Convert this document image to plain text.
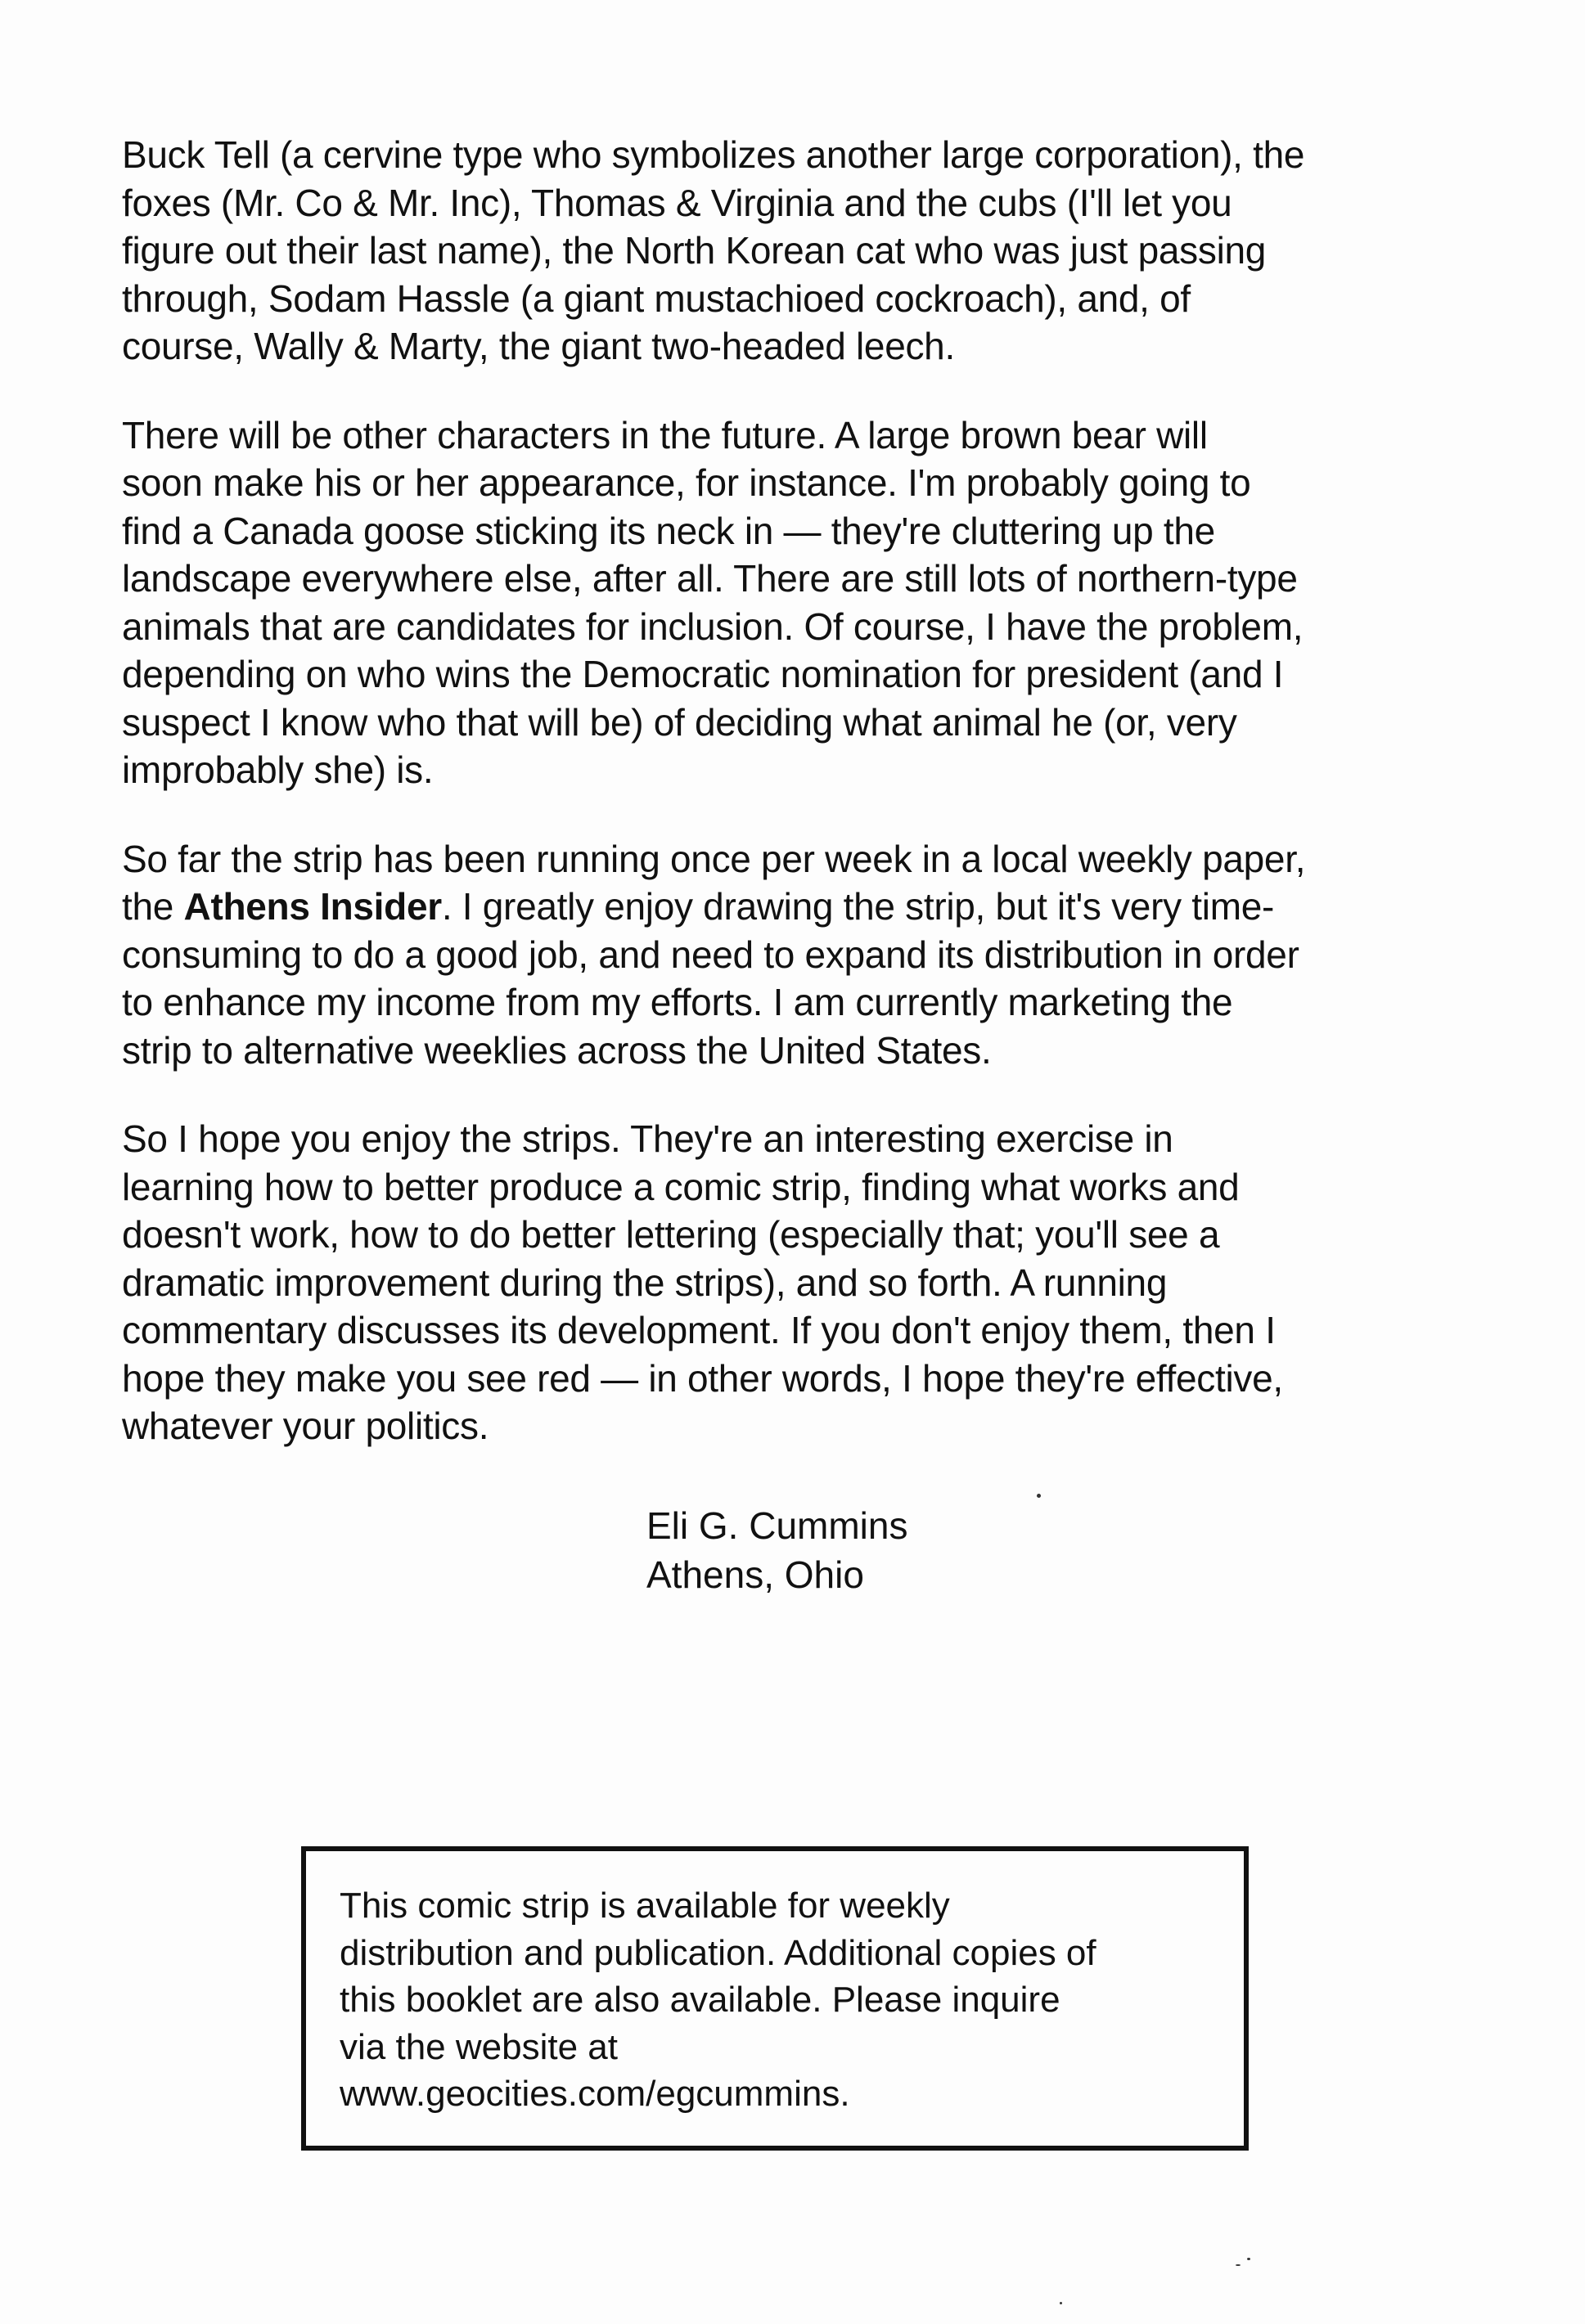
Buck Tell (a cervine type who symbolizes another large corporation), the
foxes (Mr. Co & Mr. Inc), Thomas & Virginia and the cubs (I'll let you
figure out their last name), the North Korean cat who was just passing
through, Sodam Hassle (a giant mustachioed cockroach), and, of
course, Wally & Marty, the giant two-headed leech.

There will be other characters in the future. A large brown bear will
soon make his or her appearance, for instance. I'm probably going to
find a Canada goose sticking its neck in — they're cluttering up the
landscape everywhere else, after all. There are still lots of northern-type
animals that are candidates for inclusion. Of course, I have the problem,
depending on who wins the Democratic nomination for president (and I
suspect I know who that will be) of deciding what animal he (or, very
improbably she) is.

So far the strip has been running once per week in a local weekly paper,
the Athens Insider. I greatly enjoy drawing the strip, but it's very time-
consuming to do a good job, and need to expand its distribution in order
to enhance my income from my efforts. I am currently marketing the
strip to alternative weeklies across the United States.

So I hope you enjoy the strips. They're an interesting exercise in
learning how to better produce a comic strip, finding what works and
doesn't work, how to do better lettering (especially that; you'll see a
dramatic improvement during the strips), and so forth. A running
commentary discusses its development. If you don't enjoy them, then I
hope they make you see red — in other words, I hope they're effective,
whatever your politics.

Eli G. Cummins
Athens, Ohio
This comic strip is available for weekly
distribution and publication. Additional copies of
this booklet are also available. Please inquire
via the website at
www.geocities.com/egcummins.
